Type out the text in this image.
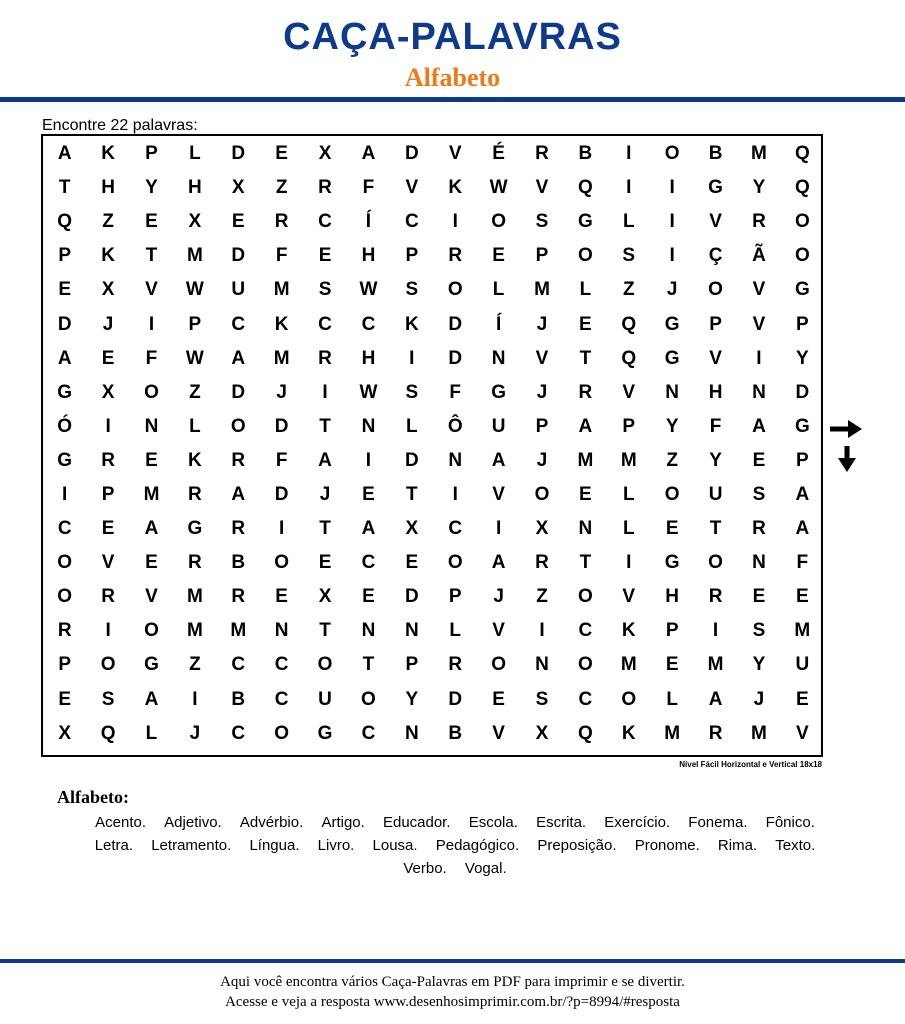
CAÇA-PALAVRAS
Alfabeto
Encontre 22 palavras:
A	K	P	L	D	E	X	A	D	V	É	R	B	I	O	B	M	Q
T	H	Y	H	X	Z	R	F	V	K	W	V	Q	I	I	G	Y	Q
Q	Z	E	X	E	R	C	Í	C	I	O	S	G	L	I	V	R	O
P	K	T	M	D	F	E	H	P	R	E	P	O	S	I	Ç	Ã	O
E	X	V	W	U	M	S	W	S	O	L	M	L	Z	J	O	V	G
D	J	I	P	C	K	C	C	K	D	Í	J	E	Q	G	P	V	P
A	E	F	W	A	M	R	H	I	D	N	V	T	Q	G	V	I	Y
G	X	O	Z	D	J	I	W	S	F	G	J	R	V	N	H	N	D
Ó	I	N	L	O	D	T	N	L	Ô	U	P	A	P	Y	F	A	G
G	R	E	K	R	F	A	I	D	N	A	J	M	M	Z	Y	E	P
I	P	M	R	A	D	J	E	T	I	V	O	E	L	O	U	S	A
C	E	A	G	R	I	T	A	X	C	I	X	N	L	E	T	R	A
O	V	E	R	B	O	E	C	E	O	A	R	T	I	G	O	N	F
O	R	V	M	R	E	X	E	D	P	J	Z	O	V	H	R	E	E
R	I	O	M	M	N	T	N	N	L	V	I	C	K	P	I	S	M
P	O	G	Z	C	C	O	T	P	R	O	N	O	M	E	M	Y	U
E	S	A	I	B	C	U	O	Y	D	E	S	C	O	L	A	J	E
X	Q	L	J	C	O	G	C	N	B	V	X	Q	K	M	R	M	V
Nível Fácil Horizontal e Vertical 18x18
Alfabeto:
Acento. Adjetivo. Advérbio. Artigo. Educador. Escola. Escrita. Exercício. Fonema. Fônico. Letra. Letramento. Língua. Livro. Lousa. Pedagógico. Preposição. Pronome. Rima. Texto. Verbo. Vogal.
Aqui você encontra vários Caça-Palavras em PDF para imprimir e se divertir.
Acesse e veja a resposta www.desenhosimprimir.com.br/?p=8994/#resposta
